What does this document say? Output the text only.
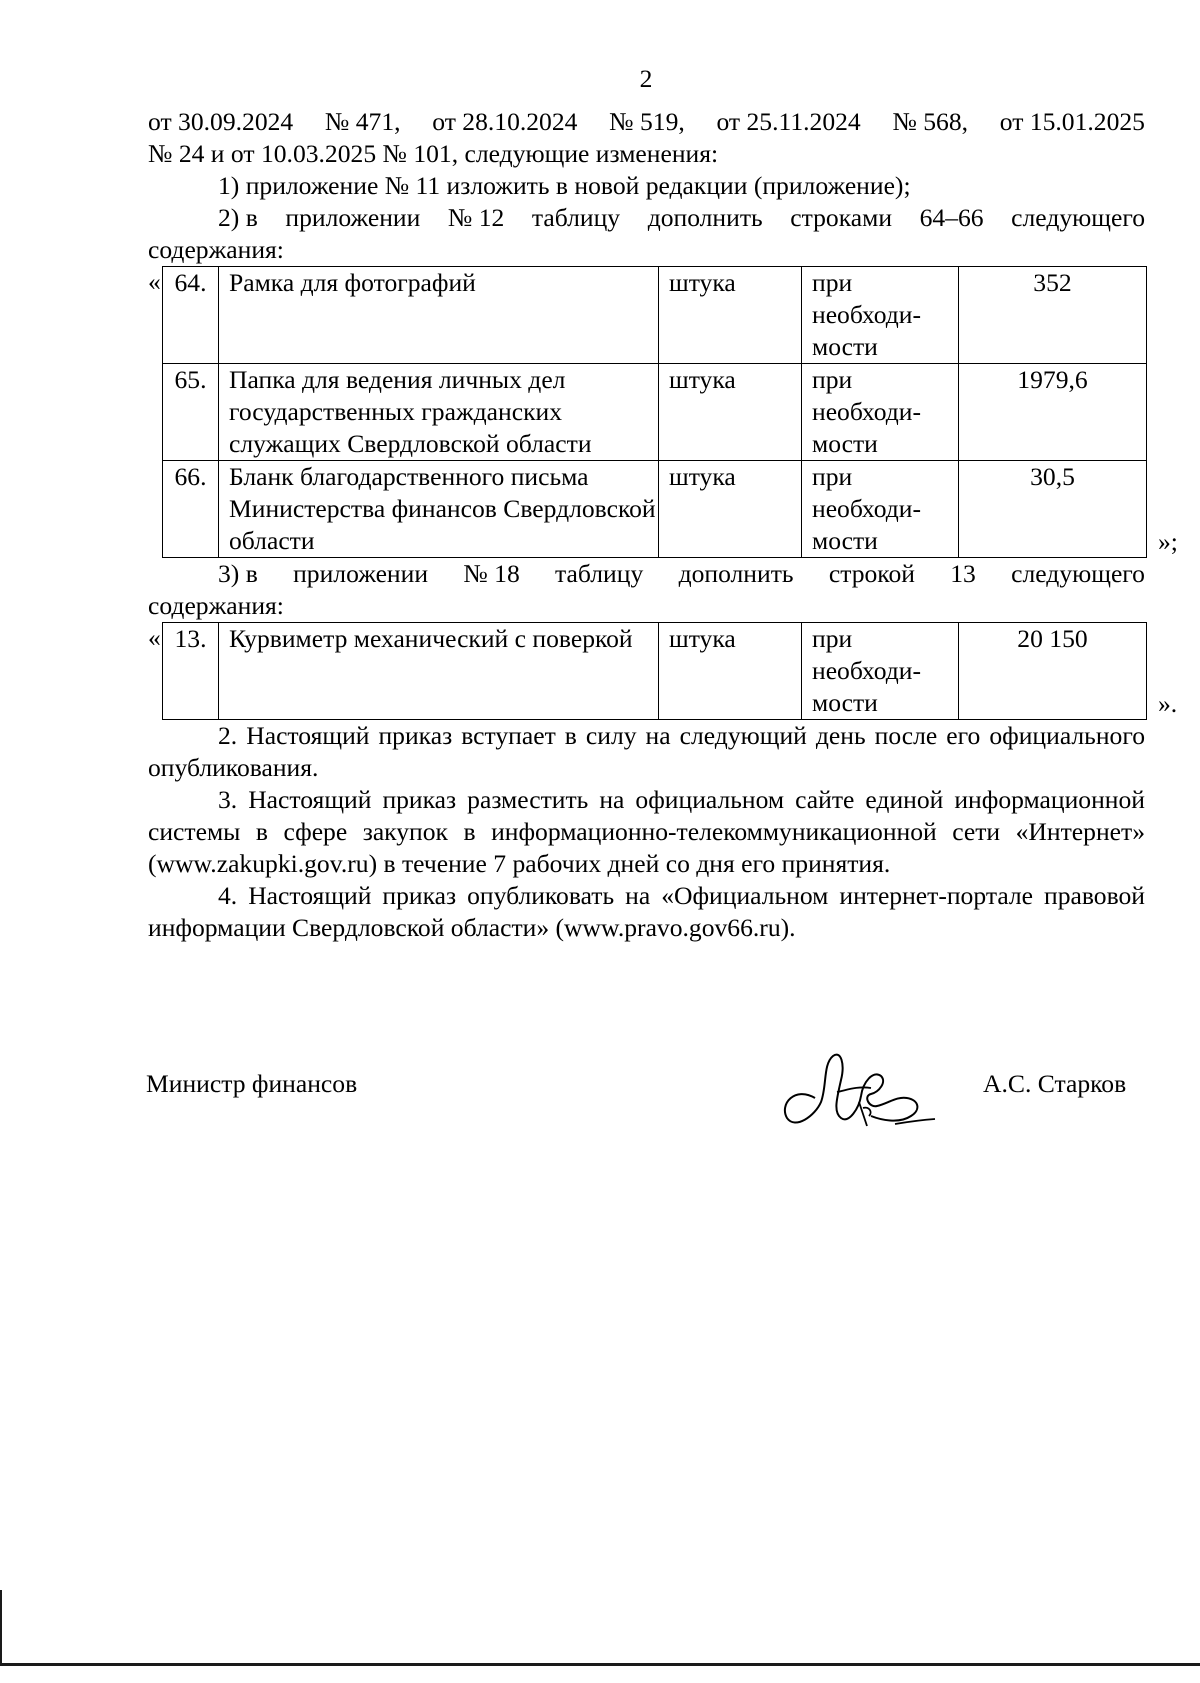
2
от 30.09.2024 № 471, от 28.10.2024 № 519, от 25.11.2024 № 568, от 15.01.2025
№ 24 и от 10.03.2025 № 101, следующие изменения:
1) приложение № 11 изложить в новой редакции (приложение);
2) в приложении № 12 таблицу дополнить строками 64–66 следующего
содержания:
« 64.	Рамка для фотографий	штука	при необходи-мости	352
65.	Папка для ведения личных дел государственных гражданских служащих Свердловской области	штука	при необходи-мости	1979,6
66.	Бланк благодарственного письма Министерства финансов Свердловской области	штука	при необходи-мости	30,5
»;
3) в приложении № 18 таблицу дополнить строкой 13 следующего
содержания:
« 13.	Курвиметр механический с поверкой	штука	при необходи-мости	20 150
».

2. Настоящий приказ вступает в силу на следующий день после его официального опубликования.

3. Настоящий приказ разместить на официальном сайте единой информационной системы в сфере закупок в информационно-телекоммуникационной сети «Интернет» (www.zakupki.gov.ru) в течение 7 рабочих дней со дня его принятия.

4. Настоящий приказ опубликовать на «Официальном интернет-портале правовой информации Свердловской области» (www.pravo.gov66.ru).

Министр финансов	А.С. Старков
